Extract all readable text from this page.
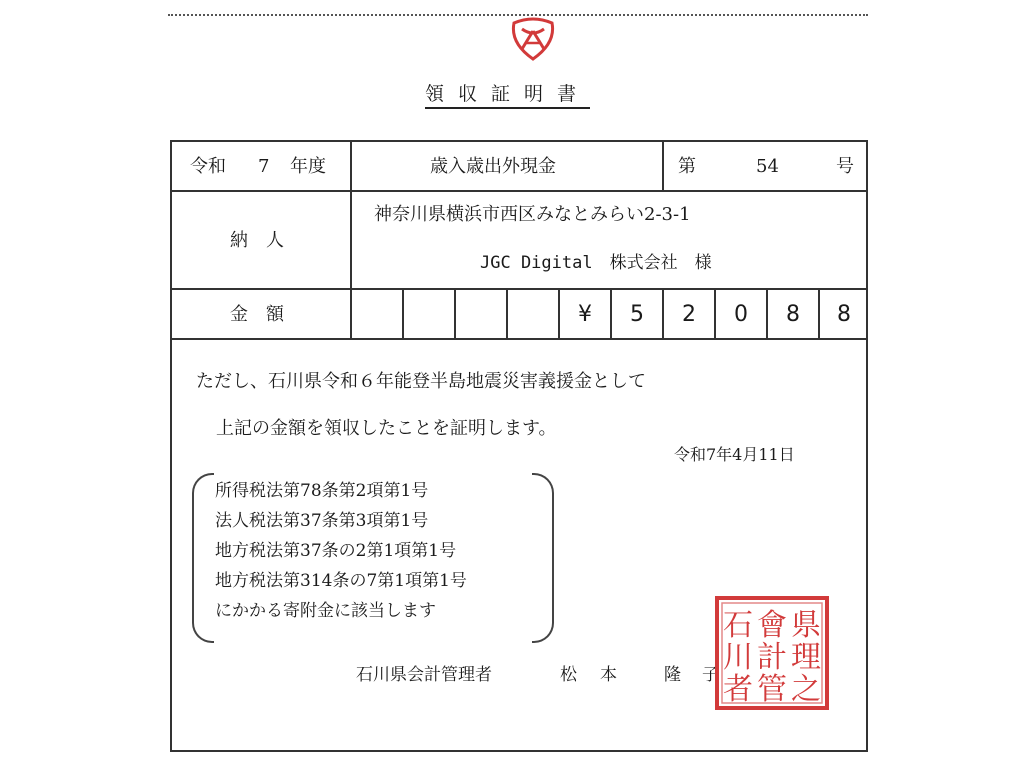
領収証明書
令和 7 年度	歳入歳出外現金	第	54	号
納　人
神奈川県横浜市西区みなとみらい2-3-1
JGC Digital　株式会社　様
金　額	¥	5	2	0	8	8
ただし、石川県令和６年能登半島地震災害義援金として
上記の金額を領収したことを証明します。
令和7年4月11日
所得税法第78条第2項第1号
法人税法第37条第3項第1号
地方税法第37条の2第1項第1号
地方税法第314条の7第1項第1号
にかかる寄附金に該当します
石川県会計管理者	松 本	隆 子
県
理
之
會
計
管
石
川
者
